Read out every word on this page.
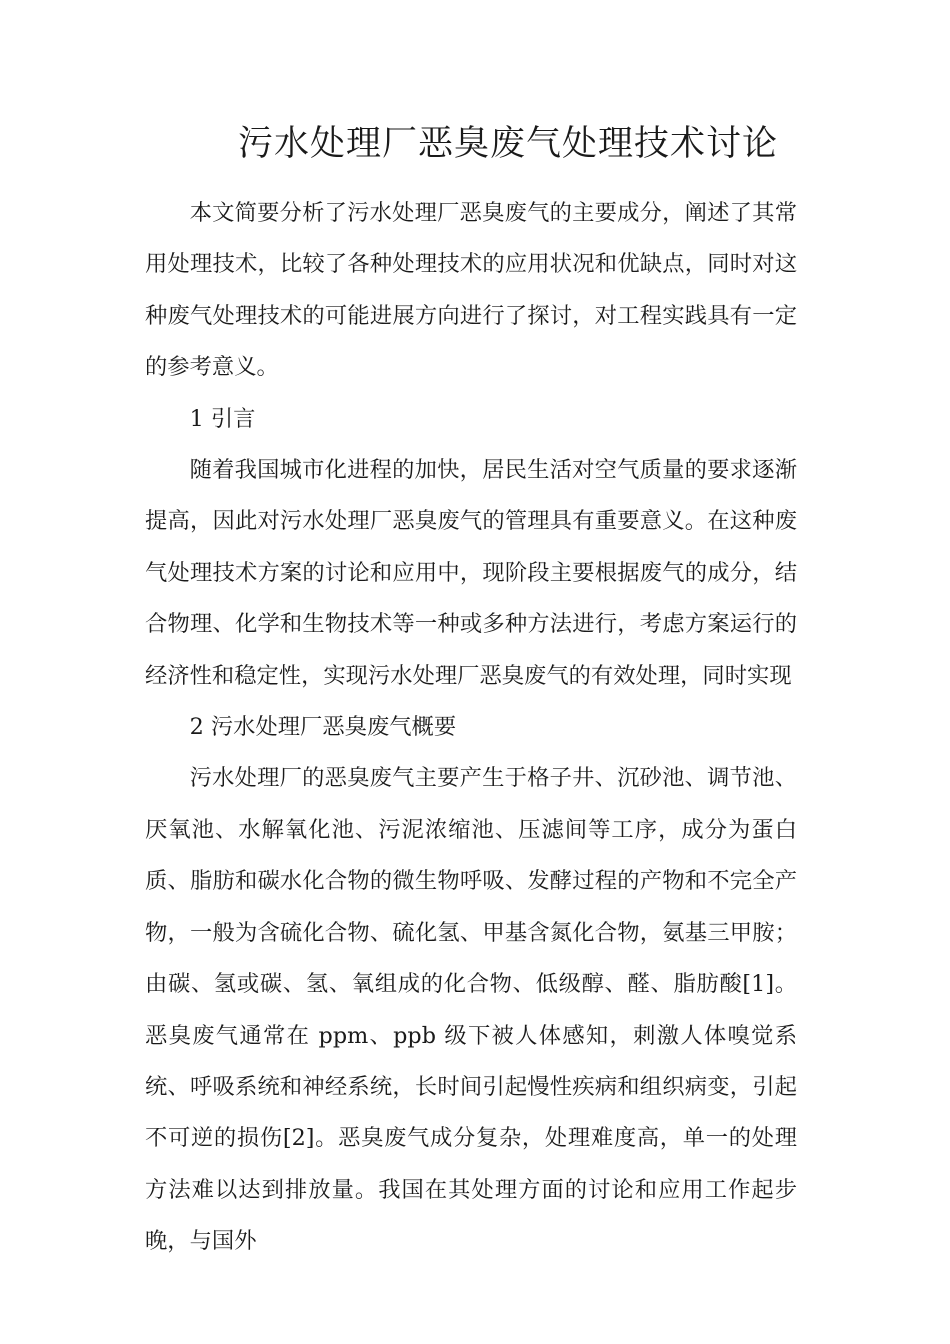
污水处理厂恶臭废气处理技术讨论

本文简要分析了污水处理厂恶臭废气的主要成分，阐述了其常用处理技术，比较了各种处理技术的应用状况和优缺点，同时对这种废气处理技术的可能进展方向进行了探讨，对工程实践具有一定的参考意义。

1 引言

随着我国城市化进程的加快，居民生活对空气质量的要求逐渐提高，因此对污水处理厂恶臭废气的管理具有重要意义。在这种废气处理技术方案的讨论和应用中，现阶段主要根据废气的成分，结合物理、化学和生物技术等一种或多种方法进行，考虑方案运行的经济性和稳定性，实现污水处理厂恶臭废气的有效处理，同时实现

2 污水处理厂恶臭废气概要

污水处理厂的恶臭废气主要产生于格子井、沉砂池、调节池、厌氧池、水解氧化池、污泥浓缩池、压滤间等工序，成分为蛋白质、脂肪和碳水化合物的微生物呼吸、发酵过程的产物和不完全产物，一般为含硫化合物、硫化氢、甲基含氮化合物，氨基三甲胺；由碳、氢或碳、氢、氧组成的化合物、低级醇、醛、脂肪酸[1]。恶臭废气通常在 ppm、ppb 级下被人体感知，刺激人体嗅觉系统、呼吸系统和神经系统，长时间引起慢性疾病和组织病变，引起不可逆的损伤[2]。恶臭废气成分复杂，处理难度高，单一的处理方法难以达到排放量。我国在其处理方面的讨论和应用工作起步晚，与国外
